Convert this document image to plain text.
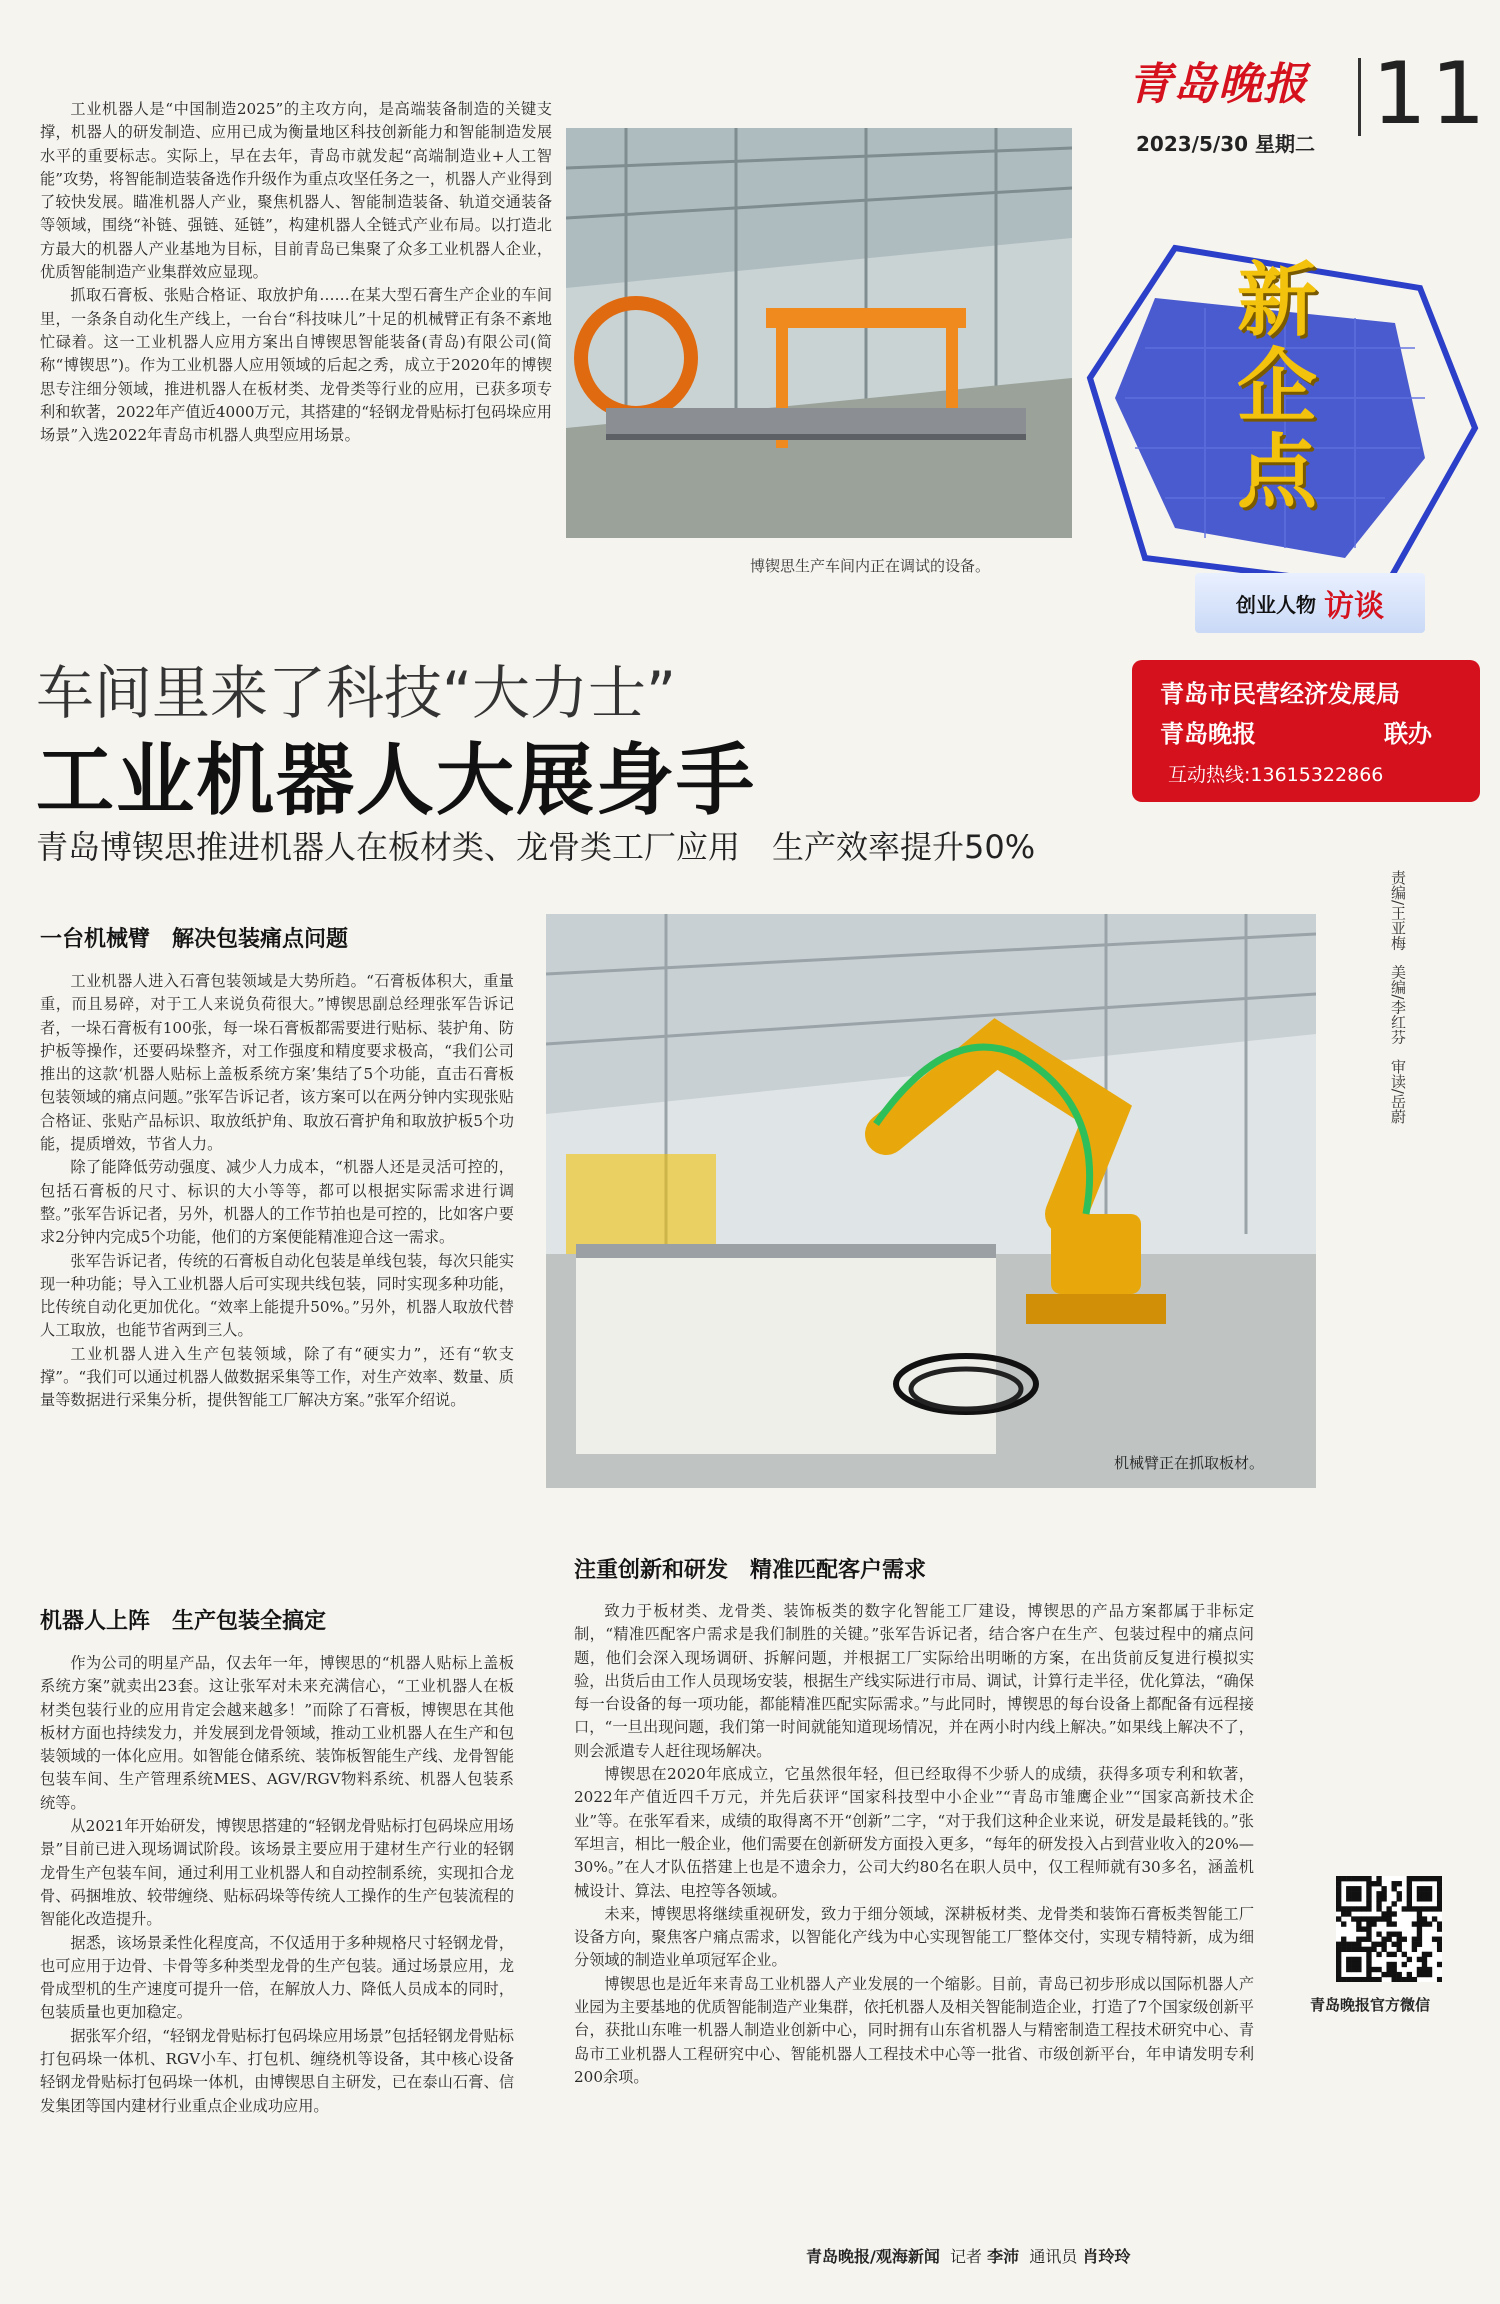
青岛晚报 11
2023/5/30 星期二
新企点
创业人物 访谈
青岛市民营经济发展局
青岛晚报	联办
互动热线:13615322866
博锲思生产车间内正在调试的设备。

工业机器人是“中国制造2025”的主攻方向，是高端装备制造的关键支撑，机器人的研发制造、应用已成为衡量地区科技创新能力和智能制造发展水平的重要标志。实际上，早在去年，青岛市就发起“高端制造业+人工智能”攻势，将智能制造装备选作升级作为重点攻坚任务之一，机器人产业得到了较快发展。瞄准机器人产业，聚焦机器人、智能制造装备、轨道交通装备等领域，围绕“补链、强链、延链”，构建机器人全链式产业布局。以打造北方最大的机器人产业基地为目标，目前青岛已集聚了众多工业机器人企业，优质智能制造产业集群效应显现。

抓取石膏板、张贴合格证、取放护角……在某大型石膏生产企业的车间里，一条条自动化生产线上，一台台“科技味儿”十足的机械臂正有条不紊地忙碌着。这一工业机器人应用方案出自博锲思智能装备(青岛)有限公司(简称“博锲思”)。作为工业机器人应用领域的后起之秀，成立于2020年的博锲思专注细分领域，推进机器人在板材类、龙骨类等行业的应用，已获多项专利和软著，2022年产值近4000万元，其搭建的“轻钢龙骨贴标打包码垛应用场景”入选2022年青岛市机器人典型应用场景。

车间里来了科技“大力士”
工业机器人大展身手
青岛博锲思推进机器人在板材类、龙骨类工厂应用　生产效率提升50%
责编/王亚梅   美编/李红芬   审读/岳蔚
机械臂正在抓取板材。
一台机械臂　解决包装痛点问题

工业机器人进入石膏包装领域是大势所趋。“石膏板体积大，重量重，而且易碎，对于工人来说负荷很大。”博锲思副总经理张军告诉记者，一垛石膏板有100张，每一垛石膏板都需要进行贴标、装护角、防护板等操作，还要码垛整齐，对工作强度和精度要求极高，“我们公司推出的这款‘机器人贴标上盖板系统方案’集结了5个功能，直击石膏板包装领域的痛点问题。”张军告诉记者，该方案可以在两分钟内实现张贴合格证、张贴产品标识、取放纸护角、取放石膏护角和取放护板5个功能，提质增效，节省人力。

除了能降低劳动强度、减少人力成本，“机器人还是灵活可控的，包括石膏板的尺寸、标识的大小等等，都可以根据实际需求进行调整。”张军告诉记者，另外，机器人的工作节拍也是可控的，比如客户要求2分钟内完成5个功能，他们的方案便能精准迎合这一需求。

张军告诉记者，传统的石膏板自动化包装是单线包装，每次只能实现一种功能；导入工业机器人后可实现共线包装，同时实现多种功能，比传统自动化更加优化。“效率上能提升50%。”另外，机器人取放代替人工取放，也能节省两到三人。

工业机器人进入生产包装领域，除了有“硬实力”，还有“软支撑”。“我们可以通过机器人做数据采集等工作，对生产效率、数量、质量等数据进行采集分析，提供智能工厂解决方案。”张军介绍说。

机器人上阵　生产包装全搞定

作为公司的明星产品，仅去年一年，博锲思的“机器人贴标上盖板系统方案”就卖出23套。这让张军对未来充满信心，“工业机器人在板材类包装行业的应用肯定会越来越多！”而除了石膏板，博锲思在其他板材方面也持续发力，并发展到龙骨领域，推动工业机器人在生产和包装领域的一体化应用。如智能仓储系统、装饰板智能生产线、龙骨智能包装车间、生产管理系统MES、AGV/RGV物料系统、机器人包装系统等。

从2021年开始研发，博锲思搭建的“轻钢龙骨贴标打包码垛应用场景”目前已进入现场调试阶段。该场景主要应用于建材生产行业的轻钢龙骨生产包装车间，通过利用工业机器人和自动控制系统，实现扣合龙骨、码捆堆放、较带缠绕、贴标码垛等传统人工操作的生产包装流程的智能化改造提升。

据悉，该场景柔性化程度高，不仅适用于多种规格尺寸轻钢龙骨，也可应用于边骨、卡骨等多种类型龙骨的生产包装。通过场景应用，龙骨成型机的生产速度可提升一倍，在解放人力、降低人员成本的同时，包装质量也更加稳定。

据张军介绍，“轻钢龙骨贴标打包码垛应用场景”包括轻钢龙骨贴标打包码垛一体机、RGV小车、打包机、缠绕机等设备，其中核心设备轻钢龙骨贴标打包码垛一体机，由博锲思自主研发，已在泰山石膏、信发集团等国内建材行业重点企业成功应用。

注重创新和研发　精准匹配客户需求

致力于板材类、龙骨类、装饰板类的数字化智能工厂建设，博锲思的产品方案都属于非标定制，“精准匹配客户需求是我们制胜的关键。”张军告诉记者，结合客户在生产、包装过程中的痛点问题，他们会深入现场调研、拆解问题，并根据工厂实际给出明晰的方案，在出货前反复进行模拟实验，出货后由工作人员现场安装，根据生产线实际进行市局、调试，计算行走半径，优化算法，“确保每一台设备的每一项功能，都能精准匹配实际需求。”与此同时，博锲思的每台设备上都配备有远程接口，“一旦出现问题，我们第一时间就能知道现场情况，并在两小时内线上解决。”如果线上解决不了，则会派遣专人赶往现场解决。

博锲思在2020年底成立，它虽然很年轻，但已经取得不少骄人的成绩，获得多项专利和软著，2022年产值近四千万元，并先后获评“国家科技型中小企业”“青岛市雏鹰企业”“国家高新技术企业”等。在张军看来，成绩的取得离不开“创新”二字，“对于我们这种企业来说，研发是最耗钱的。”张军坦言，相比一般企业，他们需要在创新研发方面投入更多，“每年的研发投入占到营业收入的20%—30%。”在人才队伍搭建上也是不遗余力，公司大约80名在职人员中，仅工程师就有30多名，涵盖机械设计、算法、电控等各领域。

未来，博锲思将继续重视研发，致力于细分领域，深耕板材类、龙骨类和装饰石膏板类智能工厂设备方向，聚焦客户痛点需求，以智能化产线为中心实现智能工厂整体交付，实现专精特新，成为细分领域的制造业单项冠军企业。

博锲思也是近年来青岛工业机器人产业发展的一个缩影。目前，青岛已初步形成以国际机器人产业园为主要基地的优质智能制造产业集群，依托机器人及相关智能制造企业，打造了7个国家级创新平台，获批山东唯一机器人制造业创新中心，同时拥有山东省机器人与精密制造工程技术研究中心、青岛市工业机器人工程研究中心、智能机器人工程技术中心等一批省、市级创新平台，年申请发明专利200余项。

青岛晚报/观海新闻 记者 李沛 通讯员 肖玲玲
青岛晚报官方微信
